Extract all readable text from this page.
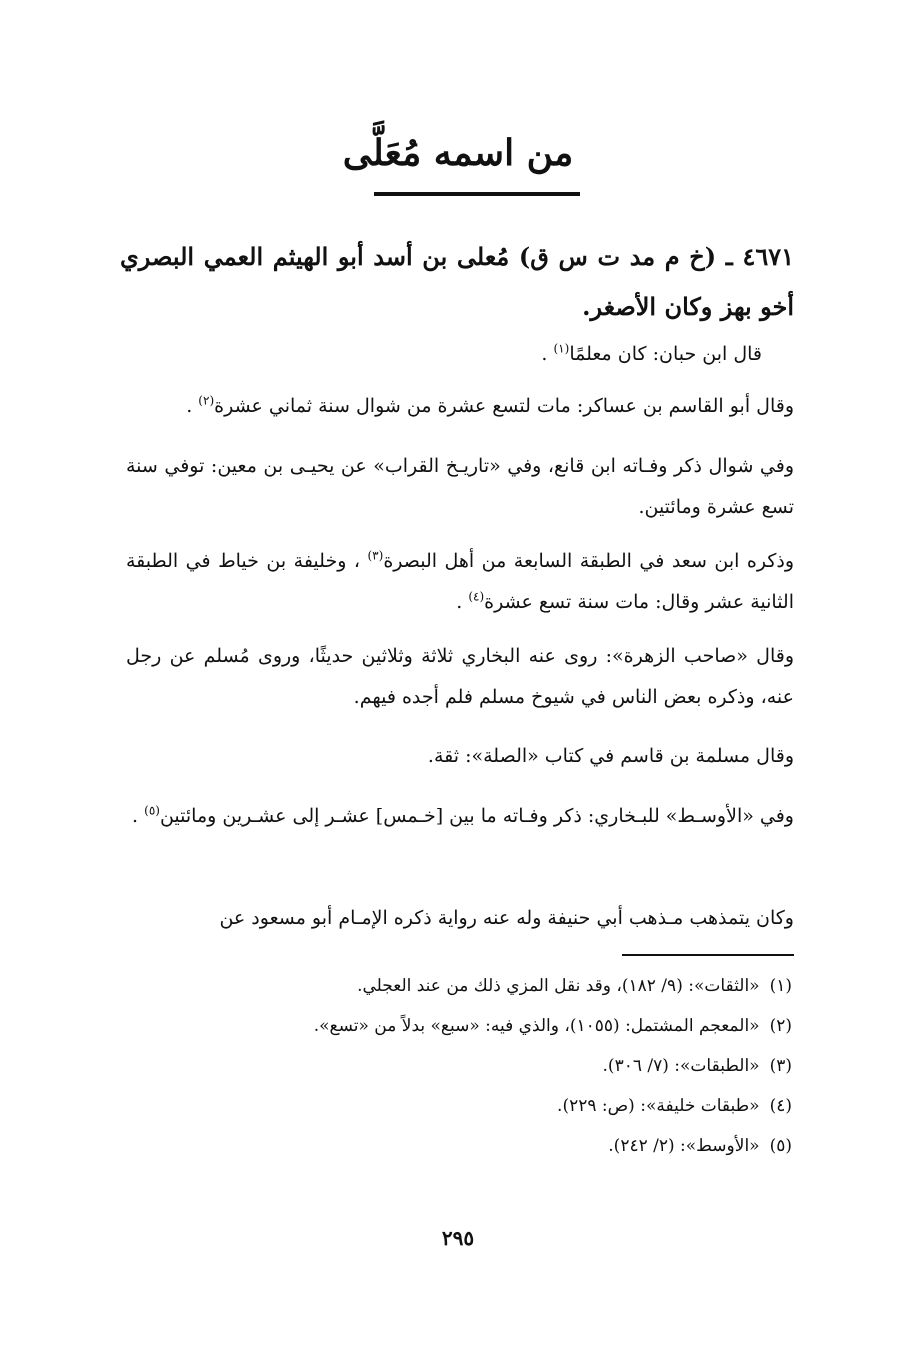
من اسمه مُعَلَّى
٤٦٧١ ـ (خ م مد ت س ق) مُعلى بن أسد أبو الهيثم العمي البصري أخو بهز وكان الأصغر.

قال ابن حبان: كان معلمًا$^{(١)}$ .

وقال أبو القاسم بن عساكر: مات لتسع عشرة من شوال سنة ثماني عشرة$^{(٢)}$ .

وفي شوال ذكر وفـاته ابن قانع، وفي «تاريـخ القراب» عن يحيـى بن معين: توفي سنة تسع عشرة ومائتين.

وذكره ابن سعد في الطبقة السابعة من أهل البصرة$^{(٣)}$ ، وخليفة بن خياط في الطبقة الثانية عشر وقال: مات سنة تسع عشرة$^{(٤)}$ .

وقال «صاحب الزهرة»: روى عنه البخاري ثلاثة وثلاثين حديثًا، وروى مُسلم عن رجل عنه، وذكره بعض الناس في شيوخ مسلم فلم أجده فيهم.

وقال مسلمة بن قاسم في كتاب «الصلة»: ثقة.

وفي «الأوسـط» للبـخاري: ذكر وفـاته ما بين [خـمس] عشـر إلى عشـرين ومائتين$^{(٥)}$ .

وكان يتمذهب مـذهب أبي حنيفة وله عنه رواية ذكره الإمـام أبو مسعود عن

(١)«الثقات»: (٩/ ١٨٢)، وقد نقل المزي ذلك من عند العجلي.
(٢)«المعجم المشتمل: (١٠٥٥)، والذي فيه: «سبع» بدلاً من «تسع».
(٣)«الطبقات»: (٧/ ٣٠٦).
(٤)«طبقات خليفة»: (ص: ٢٢٩).
(٥)«الأوسط»: (٢/ ٢٤٢).
٢٩٥
